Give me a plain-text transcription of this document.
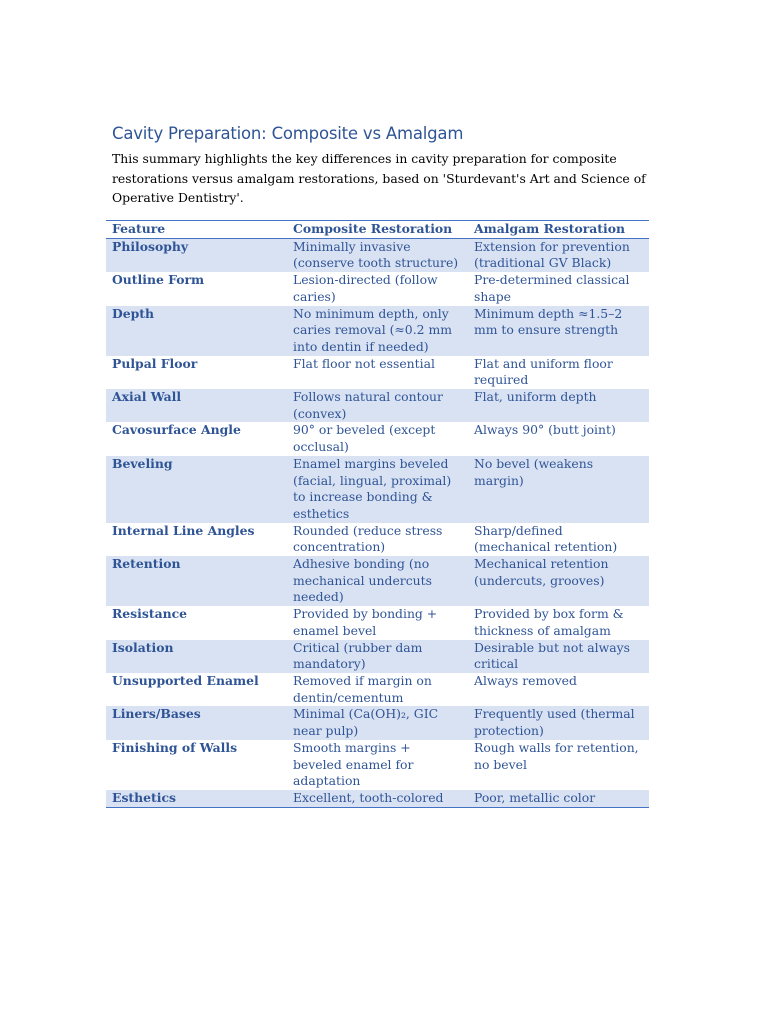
Cavity Preparation: Composite vs Amalgam
This summary highlights the key differences in cavity preparation for composite restorations versus amalgam restorations, based on 'Sturdevant's Art and Science of Operative Dentistry'.
Feature	Composite Restoration	Amalgam Restoration
Philosophy	Minimally invasive (conserve tooth structure)	Extension for prevention (traditional GV Black)
Outline Form	Lesion-directed (follow caries)	Pre-determined classical shape
Depth	No minimum depth, only caries removal (≈0.2 mm into dentin if needed)	Minimum depth ≈1.5–2 mm to ensure strength
Pulpal Floor	Flat floor not essential	Flat and uniform floor required
Axial Wall	Follows natural contour (convex)	Flat, uniform depth
Cavosurface Angle	90° or beveled (except occlusal)	Always 90° (butt joint)
Beveling	Enamel margins beveled (facial, lingual, proximal) to increase bonding & esthetics	No bevel (weakens margin)
Internal Line Angles	Rounded (reduce stress concentration)	Sharp/defined (mechanical retention)
Retention	Adhesive bonding (no mechanical undercuts needed)	Mechanical retention (undercuts, grooves)
Resistance	Provided by bonding + enamel bevel	Provided by box form & thickness of amalgam
Isolation	Critical (rubber dam mandatory)	Desirable but not always critical
Unsupported Enamel	Removed if margin on dentin/cementum	Always removed
Liners/Bases	Minimal (Ca(OH)₂, GIC near pulp)	Frequently used (thermal protection)
Finishing of Walls	Smooth margins + beveled enamel for adaptation	Rough walls for retention, no bevel
Esthetics	Excellent, tooth-colored	Poor, metallic color
